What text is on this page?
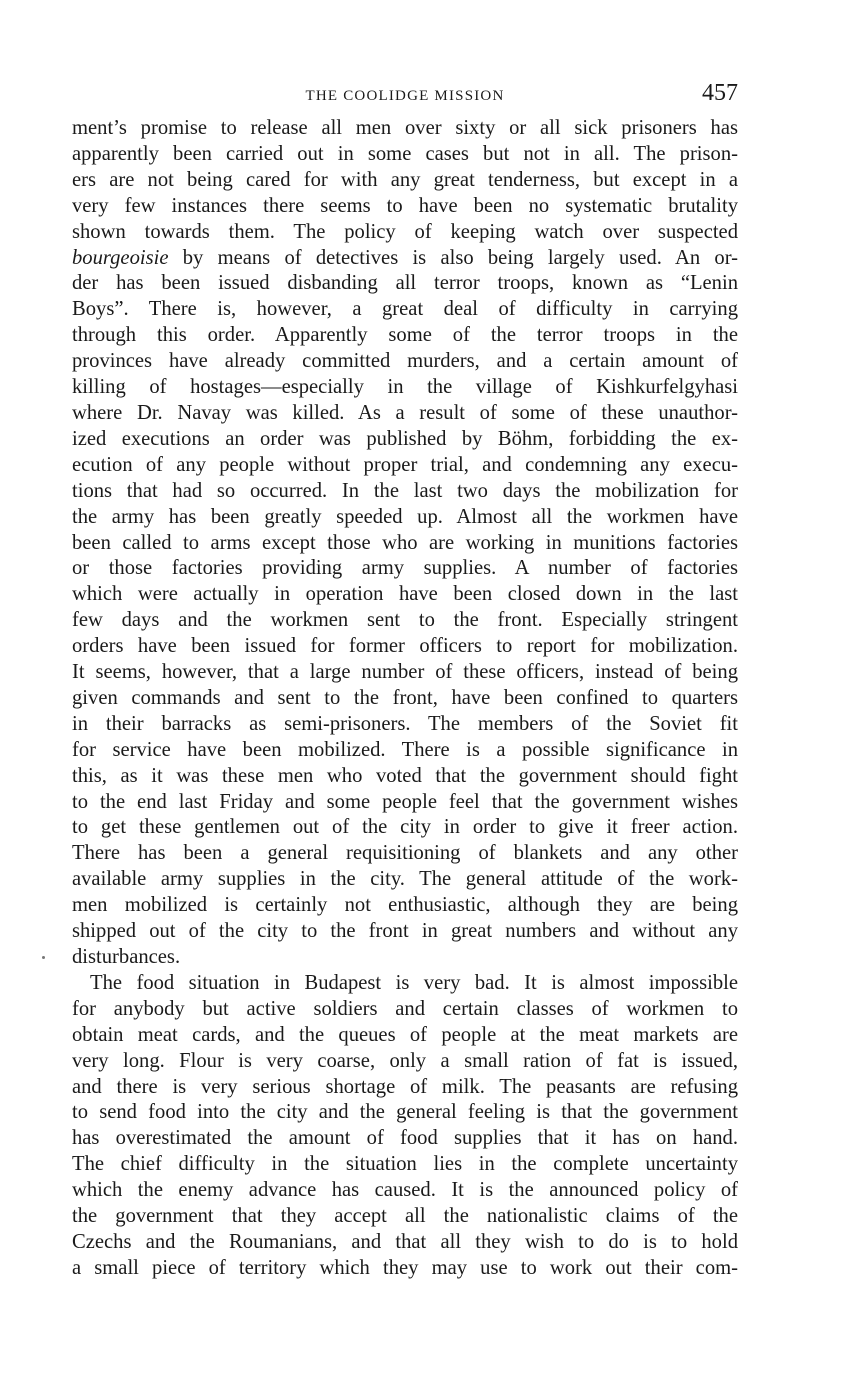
THE COOLIDGE MISSION	457
ment’s promise to release all men over sixty or all sick prisoners has
apparently been carried out in some cases but not in all. The prison-
ers are not being cared for with any great tenderness, but except in a
very few instances there seems to have been no systematic brutality
shown towards them. The policy of keeping watch over suspected
bourgeoisie by means of detectives is also being largely used. An or-
der has been issued disbanding all terror troops, known as “Lenin
Boys”. There is, however, a great deal of difficulty in carrying
through this order. Apparently some of the terror troops in the
provinces have already committed murders, and a certain amount of
killing of hostages—especially in the village of Kishkurfelgyhasi
where Dr. Navay was killed. As a result of some of these unauthor-
ized executions an order was published by Böhm, forbidding the ex-
ecution of any people without proper trial, and condemning any execu-
tions that had so occurred. In the last two days the mobilization for
the army has been greatly speeded up. Almost all the workmen have
been called to arms except those who are working in munitions factories
or those factories providing army supplies. A number of factories
which were actually in operation have been closed down in the last
few days and the workmen sent to the front. Especially stringent
orders have been issued for former officers to report for mobilization.
It seems, however, that a large number of these officers, instead of being
given commands and sent to the front, have been confined to quarters
in their barracks as semi-prisoners. The members of the Soviet fit
for service have been mobilized. There is a possible significance in
this, as it was these men who voted that the government should fight
to the end last Friday and some people feel that the government wishes
to get these gentlemen out of the city in order to give it freer action.
There has been a general requisitioning of blankets and any other
available army supplies in the city. The general attitude of the work-
men mobilized is certainly not enthusiastic, although they are being
shipped out of the city to the front in great numbers and without any
disturbances.
The food situation in Budapest is very bad. It is almost impossible
for anybody but active soldiers and certain classes of workmen to
obtain meat cards, and the queues of people at the meat markets are
very long. Flour is very coarse, only a small ration of fat is issued,
and there is very serious shortage of milk. The peasants are refusing
to send food into the city and the general feeling is that the government
has overestimated the amount of food supplies that it has on hand.
The chief difficulty in the situation lies in the complete uncertainty
which the enemy advance has caused. It is the announced policy of
the government that they accept all the nationalistic claims of the
Czechs and the Roumanians, and that all they wish to do is to hold
a small piece of territory which they may use to work out their com-
